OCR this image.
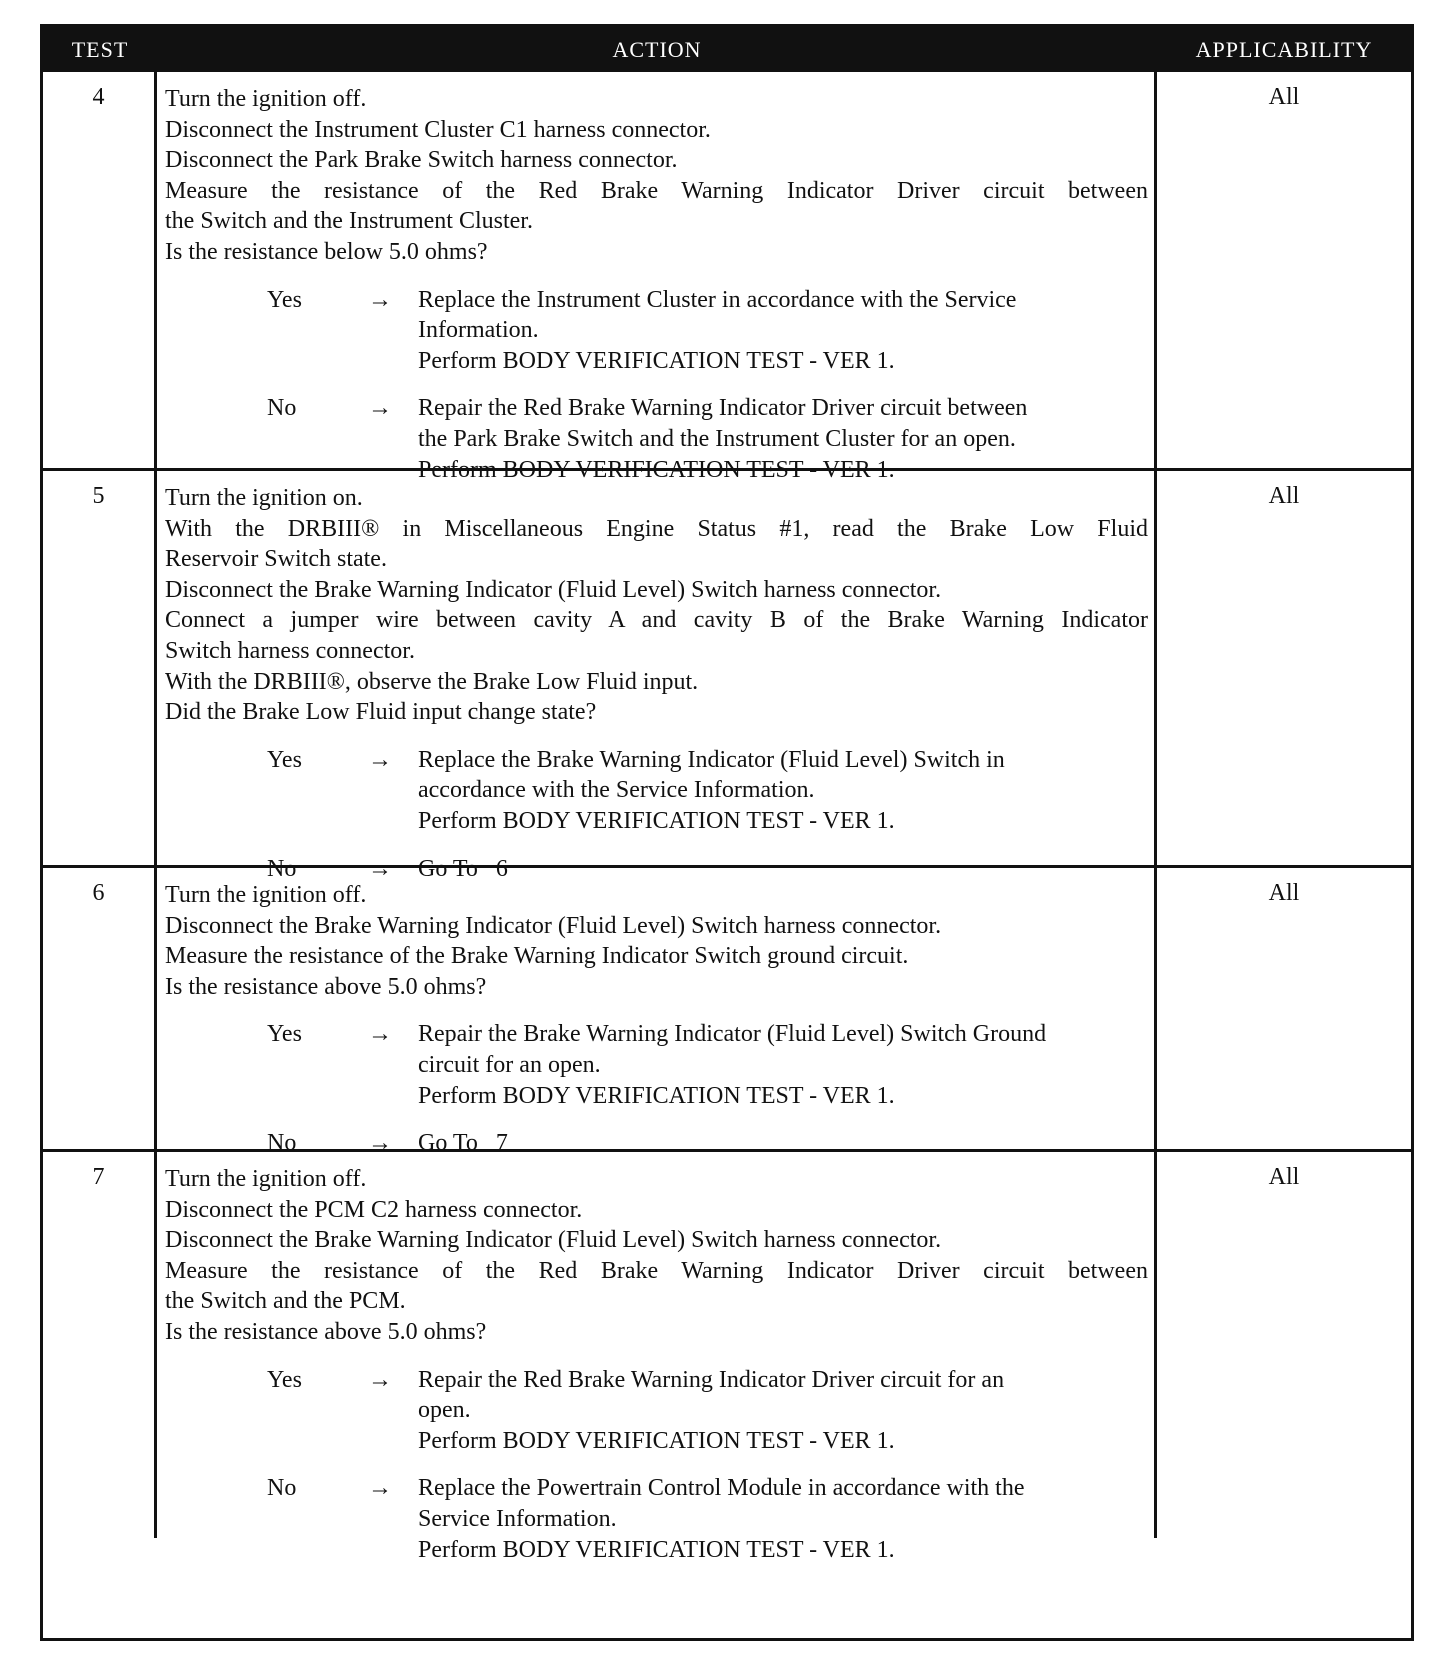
TEST	ACTION	APPLICABILITY
4	Turn the ignition off.
Disconnect the Instrument Cluster C1 harness connector.
Disconnect the Park Brake Switch harness connector.
Measure the resistance of the Red Brake Warning Indicator Driver circuit between
the Switch and the Instrument Cluster.
Is the resistance below 5.0 ohms?
Yes	→	Replace the Instrument Cluster in accordance with the Service
Information.
Perform BODY VERIFICATION TEST - VER 1.
No	→	Repair the Red Brake Warning Indicator Driver circuit between
the Park Brake Switch and the Instrument Cluster for an open.
Perform BODY VERIFICATION TEST - VER 1.
All
5	Turn the ignition on.
With the DRBIII® in Miscellaneous Engine Status #1, read the Brake Low Fluid
Reservoir Switch state.
Disconnect the Brake Warning Indicator (Fluid Level) Switch harness connector.
Connect a jumper wire between cavity A and cavity B of the Brake Warning Indicator
Switch harness connector.
With the DRBIII®, observe the Brake Low Fluid input.
Did the Brake Low Fluid input change state?
Yes	→	Replace the Brake Warning Indicator (Fluid Level) Switch in
accordance with the Service Information.
Perform BODY VERIFICATION TEST - VER 1.
No	→	Go To   6
All
6	Turn the ignition off.
Disconnect the Brake Warning Indicator (Fluid Level) Switch harness connector.
Measure the resistance of the Brake Warning Indicator Switch ground circuit.
Is the resistance above 5.0 ohms?
Yes	→	Repair the Brake Warning Indicator (Fluid Level) Switch Ground
circuit for an open.
Perform BODY VERIFICATION TEST - VER 1.
No	→	Go To   7
All
7	Turn the ignition off.
Disconnect the PCM C2 harness connector.
Disconnect the Brake Warning Indicator (Fluid Level) Switch harness connector.
Measure the resistance of the Red Brake Warning Indicator Driver circuit between
the Switch and the PCM.
Is the resistance above 5.0 ohms?
Yes	→	Repair the Red Brake Warning Indicator Driver circuit for an
open.
Perform BODY VERIFICATION TEST - VER 1.
No	→	Replace the Powertrain Control Module in accordance with the
Service Information.
Perform BODY VERIFICATION TEST - VER 1.
All
